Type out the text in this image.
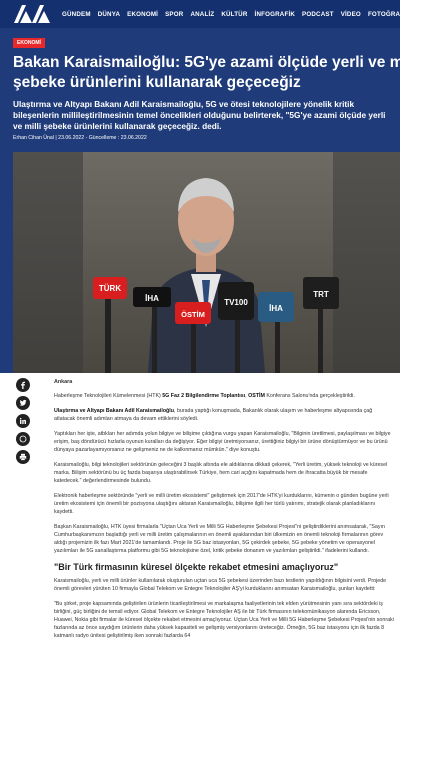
GÜNDEM DÜNYA EKONOMİ SPOR ANALİZ KÜLTÜR İNFOGRAFİK PODCAST VİDEO FOTOĞRAF
EKONOMİ
Bakan Karaismailoğlu: 5G'ye azami ölçüde yerli ve milli
şebeke ürünlerini kullanarak geçeceğiz
Ulaştırma ve Altyapı Bakanı Adil Karaismailoğlu, 5G ve ötesi teknolojilere yönelik kritik
bileşenlerin millileştirilmesinin temel öncelikleri olduğunu belirterek, "5G'ye azami ölçüde yerli
ve milli şebeke ürünlerini kullanarak geçeceğiz. dedi.
Erhan Cihan Ünal | 23.06.2022 - Güncelleme : 23.06.2022
TÜRK
İHA
ÖSTİM
TV100
İHA
TRT

Ankara

Haberleşme Teknolojileri Kümelenmesi (HTK) 5G Faz 2 Bilgilendirme Toplantısı, OSTİM Konferans Salonu'nda gerçekleştirildi.

Ulaştırma ve Altyapı Bakanı Adil Karaismailoğlu, burada yaptığı konuşmada, Bakanlık olarak ulaşım ve haberleşme altyapısında çağ atlatacak önemli adımları atmaya da devam ettiklerini söyledi.

Yaptıkları her işte, atbkları her adımda yolun bilgiye ve bilişime çıktığına vurgu yapan Karaismailoğlu, "Bilginin üretilmesi, paylaşılması ve bilgiye erişim, baş döndürücü hızlarla oyunun kuralları da değişiyor. Eğer bilgiyi üretmiyorsanız, ürettiğiniz bilgiyi bir ürüne dönüştürmüyor ve bu ürünü dünyaya pazarlayamıyorsanız ne gelişmeniz ne de kalkınmanız mümkün." diye konuştu.

Karaismailoğlu, bilgi teknolojileri sektörünün geleceğini 3 başlık altında ele aldıklarına dikkati çekerek, "Yerli üretim, yüksek teknoloji ve küresel marka. Bilişim sektörünü bu üç fazda başarıya ulaştırabilirsek Türkiye, hem cari açığını kapatmada hem de ihracatta büyük bir mesafe katedecek." değerlendirmesinde bulundu.

Elektronik haberleşme sektöründe "yerli ve milli üretim ekosistemi" geliştirmek için 2017'de HTK'yi kurduklarını, kümenin o günden bugüne yerli üretim ekosistemi için önemli bir pozisyona ulaştığını aktaran Karaismailoğlu, bilişime ilgili her türlü yatırımı, stratejik olarak planladıklarını kaydetti.

Başkan Karaismailoğlu, HTK üyesi firmalarla "Uçtan Uca Yerli ve Milli 5G Haberleşme Şebekesi Projesi"ni geliştirdiklerini anımsatarak, "Sayın Cumhurbaşkanımızın başlattığı yerli ve milli üretim çalışmalarının en önemli ayaklarından biri ülkemizin en önemli teknoloji firmalarının görev aldığı projemizin ilk fazı Mart 2021'de tamamlandı. Proje ile 5G baz istasyonları, 5G çekirdek şebeke, 5G şebeke yönetim ve operasyonel yazılımları ile 5G sanallaştırma platformu gibi 5G teknolojisine özel, kritik şebeke donanım ve yazılımları geliştirildi." ifadelerini kullandı.

"Bir Türk firmasının küresel ölçekte rekabet etmesini amaçlıyoruz"

Karaismailoğlu, yerli ve milli ürünler kullanılarak oluşturulan uçtan uca 5G şebekesi üzerinden bazı testlerin yapıldığının bilgisini verdi. Projede önemli görevleri yürüten 10 firmayla Global Telekom ve Entegre Teknolojiler AŞ'yi kurduklarını anımsatan Karaismailoğlu, şunları kaydetti:

"Bu şirket, proje kapsamında geliştirilen ürünlerin ticarileştirilmesi ve markalaşma faaliyetlerinin tek elden yürütmesinin yanı sıra sektördeki iş birliğini, güç birliğini de temsil ediyor. Global Telekom ve Entegre Teknolojiler AŞ ile bir Türk firmasının telekomünikasyon alanında Ericsson, Huawei, Nokia gibi firmalar ile küresel ölçekte rekabet etmesini amaçlıyoruz. Uçtan Uca Yerli ve Milli 5G Haberleşme Şebekesi Projesi'nin sonraki fazlarında az önce saydığım ürünlerin daha yüksek kapasiteli ve gelişmiş versiyonlarını üreteceğiz. Örneğin, 5G baz istasyonu için ilk fazda 8 katmanlı radyo ünitesi geliştirilmiş iken sonraki fazlarda 64
